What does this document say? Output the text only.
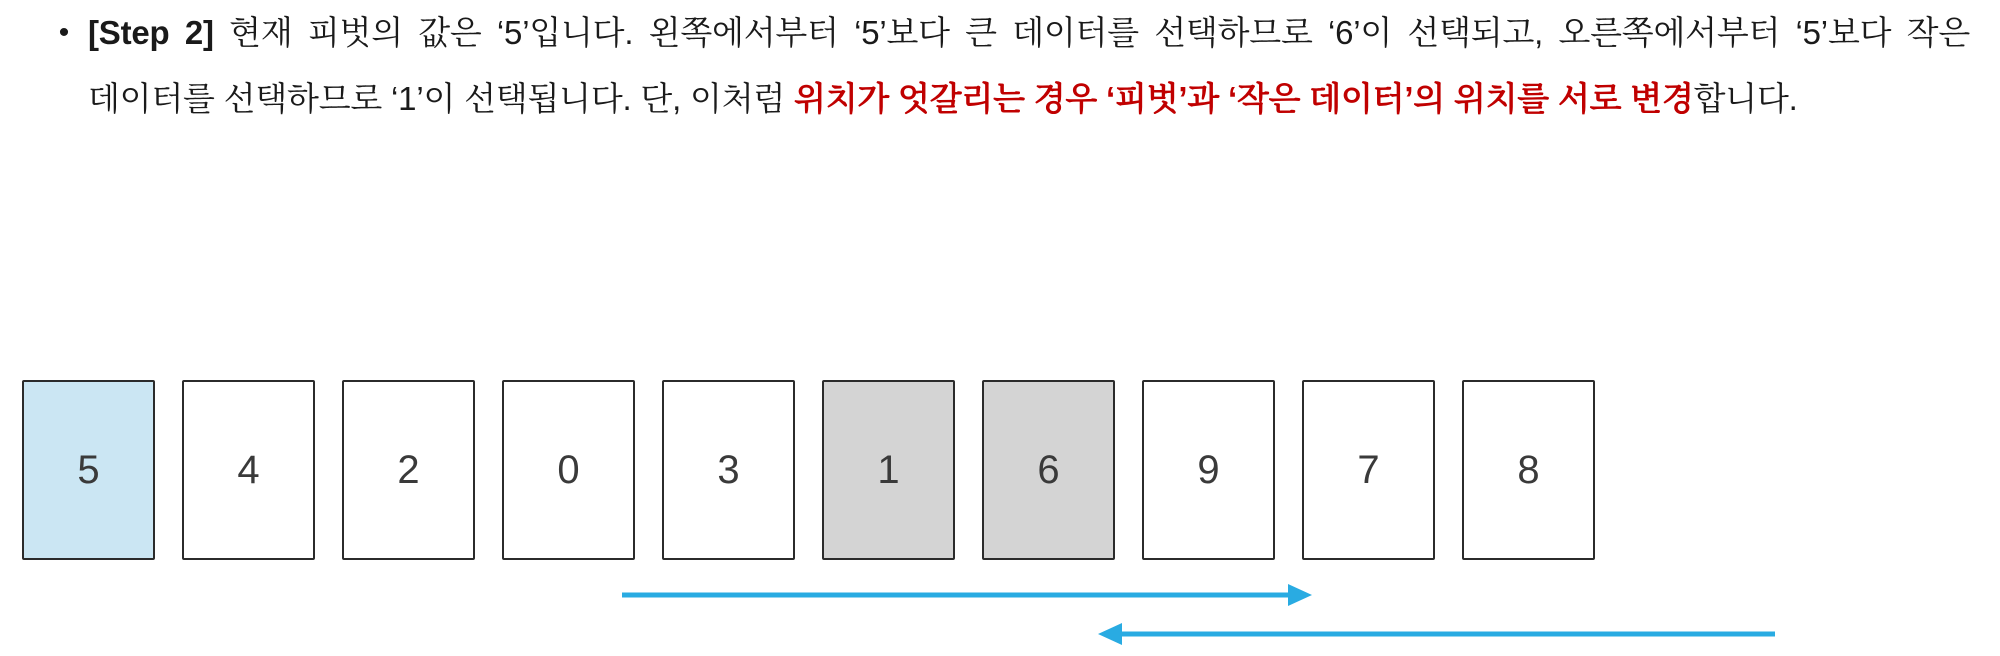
• [Step 2] 현재 피벗의 값은 ‘5’입니다. 왼쪽에서부터 ‘5’보다 큰 데이터를 선택하므로 ‘6’이 선택되고, 오른쪽에서부터 ‘5’보다 작은 데이터를 선택하므로 ‘1’이 선택됩니다. 단, 이처럼 위치가 엇갈리는 경우 ‘피벗’과 ‘작은 데이터’의 위치를 서로 변경합니다.
5	4	2	0	3	1	6	9	7	8
